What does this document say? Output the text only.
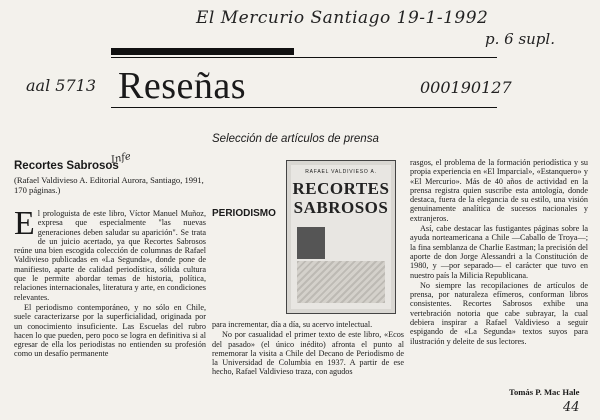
El Mercurio Santiago 19-1-1992
p. 6 supl.
aal 5713	000190127
Infe
44
Reseñas
Selección de artículos de prensa
Recortes Sabrosos
(Rafael Valdivieso A. Editorial Aurora, Santiago, 1991, 170 páginas.)

El prologuista de este libro, Víctor Manuel Muñoz, expresa que especialmente "las nuevas generaciones deben saludar su aparición". Se trata de un juicio acertado, ya que Recortes Sabrosos reúne una bien escogida colección de columnas de Rafael Valdivieso publicadas en «La Segunda», donde pone de manifiesto, aparte de calidad periodística, sólida cultura que le permite abordar temas de historia, política, relaciones internacionales, literatura y arte, en condiciones relevantes.

El periodismo contemporáneo, y no sólo en Chile, suele caracterizarse por la superficialidad, originada por un conocimiento insuficiente. Las Escuelas del rubro hacen lo que pueden, pero poco se logra en definitiva si al egresar de ella los periodistas no entienden su profesión como un desafío permanente

PERIODISMO
RAFAEL VALDIVIESO A.
RECORTES
SABROSOS

para incrementar, día a día, su acervo intelectual.

No por casualidad el primer texto de este libro, «Ecos del pasado» (el único inédito) afronta el punto al rememorar la visita a Chile del Decano de Periodismo de la Universidad de Columbia en 1937. A partir de ese hecho, Rafael Valdivieso traza, con agudos

rasgos, el problema de la formación periodística y su propia experiencia en «El Imparcial», «Estanquero» y «El Mercurio». Más de 40 años de actividad en la prensa registra quien suscribe esta antología, donde destaca, fuera de la elegancia de su estilo, una visión genuinamente analítica de sucesos nacionales y extranjeros.

Así, cabe destacar las fustigantes páginas sobre la ayuda norteamericana a Chile —Caballo de Troya—; la fina semblanza de Charlie Eastman; la precisión del aporte de don Jorge Alessandri a la Constitución de 1980, y —por separado— el carácter que tuvo en nuestro país la Milicia Republicana.

No siempre las recopilaciones de artículos de prensa, por naturaleza efímeros, conforman libros consistentes. Recortes Sabrosos exhibe una vertebración notoria que cabe subrayar, la cual debiera inspirar a Rafael Valdivieso a seguir espigando de «La Segunda» textos suyos para ilustración y deleite de sus lectores.

Tomás P. Mac Hale
